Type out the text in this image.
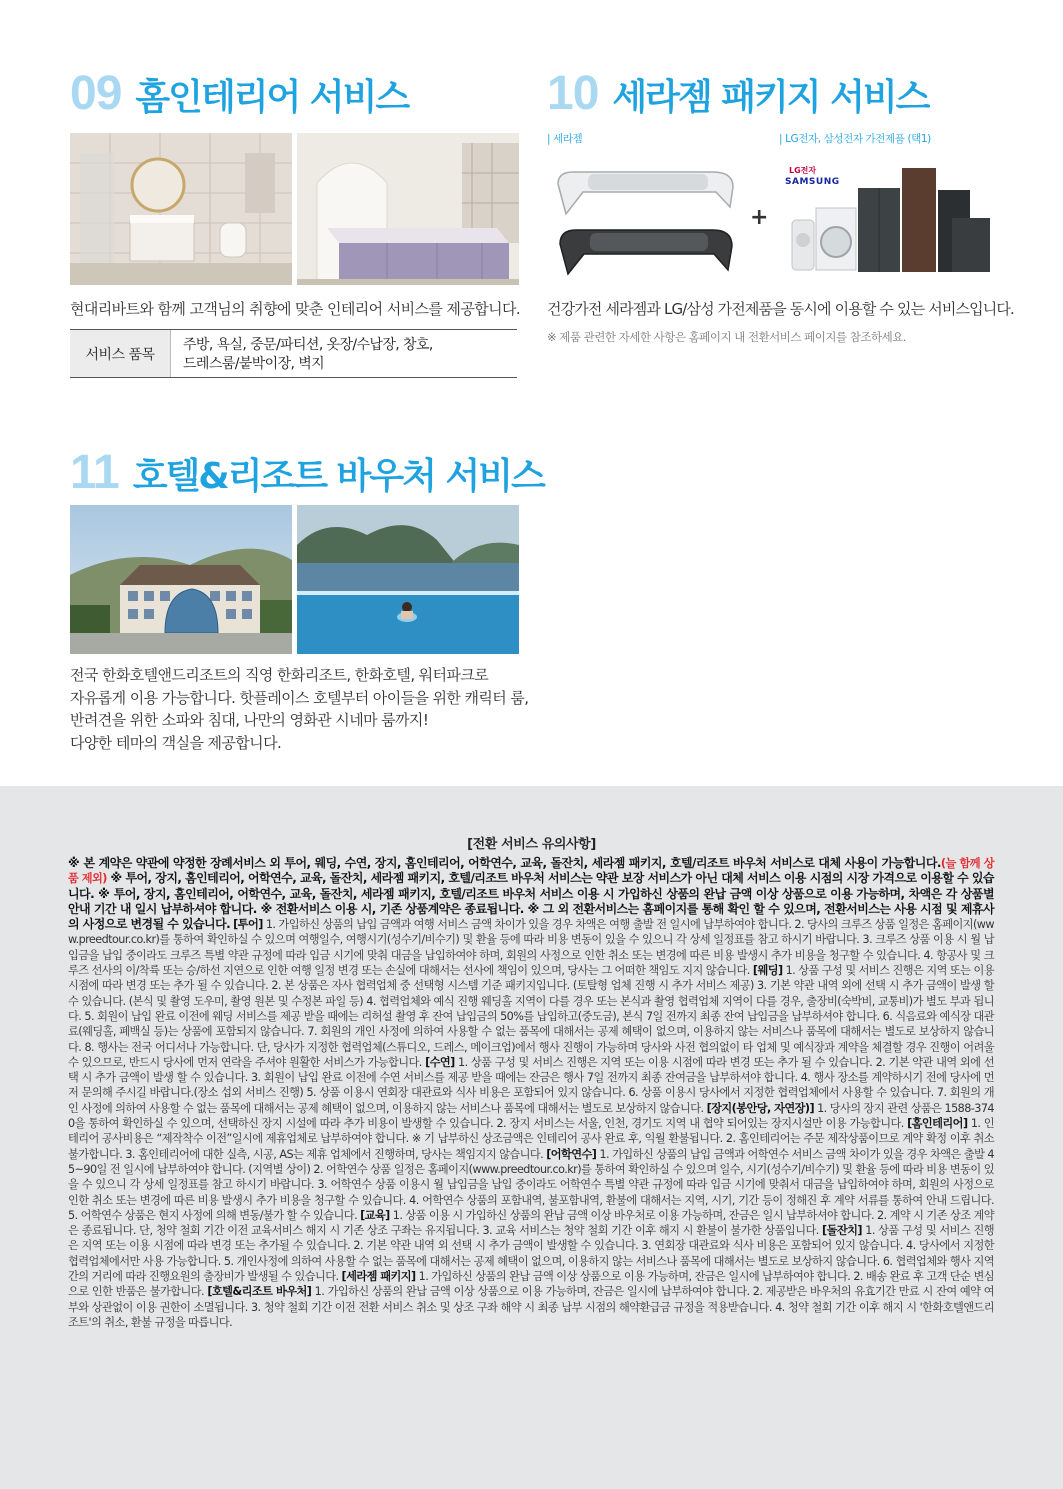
09 홈인테리어 서비스
현대리바트와 함께 고객님의 취향에 맞춘 인테리어 서비스를 제공합니다.
서비스 품목
주방, 욕실, 중문/파티션, 옷장/수납장, 창호,
드레스룸/붙박이장, 벽지
10 세라젬 패키지 서비스
| 세라젬	| LG전자, 삼성전자 가전제품 (택1)
+
LG전자
SAMSUNG
건강가전 세라젬과 LG/삼성 가전제품을 동시에 이용할 수 있는 서비스입니다.
※ 제품 관련한 자세한 사항은 홈페이지 내 전환서비스 페이지를 참조하세요.
11 호텔&리조트 바우처 서비스
전국 한화호텔앤드리조트의 직영 한화리조트, 한화호텔, 워터파크로
자유롭게 이용 가능합니다. 핫플레이스 호텔부터 아이들을 위한 캐릭터 룸,
반려견을 위한 소파와 침대, 나만의 영화관 시네마 룸까지!
다양한 테마의 객실을 제공합니다.
[전환 서비스 유의사항]
※ 본 계약은 약관에 약정한 장례서비스 외 투어, 웨딩, 수연, 장지, 홈인테리어, 어학연수, 교육, 돌잔치, 세라젬 패키지, 호텔/리조트 바우처 서비스로 대체 사용이 가능합니다.(늘 함께 상품 제외) ※ 투어, 장지, 홈인테리어, 어학연수, 교육, 돌잔치, 세라젬 패키지, 호텔/리조트 바우처 서비스는 약관 보장 서비스가 아닌 대체 서비스 이용 시점의 시장 가격으로 이용할 수 있습니다. ※ 투어, 장지, 홈인테리어, 어학연수, 교육, 돌잔치, 세라젬 패키지, 호텔/리조트 바우처 서비스 이용 시 가입하신 상품의 완납 금액 이상 상품으로 이용 가능하며, 차액은 각 상품별 안내 기간 내 일시 납부하셔야 합니다. ※ 전환서비스 이용 시, 기존 상품계약은 종료됩니다. ※ 그 외 전환서비스는 홈페이지를 통해 확인 할 수 있으며, 전환서비스는 사용 시점 및 제휴사의 사정으로 변경될 수 있습니다. [투어] 1. 가입하신 상품의 납입 금액과 여행 서비스 금액 차이가 있을 경우 차액은 여행 출발 전 일시에 납부하여야 합니다. 2. 당사의 크루즈 상품 일정은 홈페이지(www.preedtour.co.kr)를 통하여 확인하실 수 있으며 여행일수, 여행시기(성수기/비수기) 및 환율 등에 따라 비용 변동이 있을 수 있으니 각 상세 일정표를 참고 하시기 바랍니다. 3. 크루즈 상품 이용 시 월 납입금을 납입 중이라도 크루즈 특별 약관 규정에 따라 입금 시기에 맞춰 대금을 납입하여야 하며, 회원의 사정으로 인한 취소 또는 변경에 따른 비용 발생시 추가 비용을 청구할 수 있습니다. 4. 항공사 및 크루즈 선사의 이/착륙 또는 승/하선 지연으로 인한 여행 일정 변경 또는 손실에 대해서는 선사에 책임이 있으며, 당사는 그 어떠한 책임도 지지 않습니다. [웨딩] 1. 상품 구성 및 서비스 진행은 지역 또는 이용 시점에 따라 변경 또는 추가 될 수 있습니다. 2. 본 상품은 자사 협력업체 중 선택형 시스템 기준 패키지입니다. (토탈형 업체 진행 시 추가 서비스 제공) 3. 기본 약관 내역 외에 선택 시 추가 금액이 발생 할 수 있습니다. (본식 및 촬영 도우미, 촬영 원본 및 수정본 파일 등) 4. 협력업체와 예식 진행 웨딩홀 지역이 다를 경우 또는 본식과 촬영 협력업체 지역이 다를 경우, 출장비(숙박비, 교통비)가 별도 부과 됩니다. 5. 회원이 납입 완료 이전에 웨딩 서비스를 제공 받을 때에는 리허설 촬영 후 잔여 납입금의 50%를 납입하고(중도금), 본식 7일 전까지 최종 잔여 납입금을 납부하셔야 합니다. 6. 식음료와 예식장 대관료(웨딩홀, 폐백실 등)는 상품에 포함되지 않습니다. 7. 회원의 개인 사정에 의하여 사용할 수 없는 품목에 대해서는 공제 혜택이 없으며, 이용하지 않는 서비스나 품목에 대해서는 별도로 보상하지 않습니다. 8. 행사는 전국 어디서나 가능합니다. 단, 당사가 지정한 협력업체(스튜디오, 드레스, 메이크업)에서 행사 진행이 가능하며 당사와 사전 협의없이 타 업체 및 예식장과 계약을 체결할 경우 진행이 어려울 수 있으므로, 반드시 당사에 먼저 연락을 주셔야 원활한 서비스가 가능합니다. [수연] 1. 상품 구성 및 서비스 진행은 지역 또는 이용 시점에 따라 변경 또는 추가 될 수 있습니다. 2. 기본 약관 내역 외에 선택 시 추가 금액이 발생 할 수 있습니다. 3. 회원이 납입 완료 이전에 수연 서비스를 제공 받을 때에는 잔금은 행사 7일 전까지 최종 잔여금을 납부하셔야 합니다. 4. 행사 장소를 계약하시기 전에 당사에 먼저 문의해 주시길 바랍니다.(장소 섭외 서비스 진행) 5. 상품 이용시 연회장 대관료와 식사 비용은 포함되어 있지 않습니다. 6. 상품 이용시 당사에서 지정한 협력업체에서 사용할 수 있습니다. 7. 회원의 개인 사정에 의하여 사용할 수 없는 품목에 대해서는 공제 혜택이 없으며, 이용하지 않는 서비스나 품목에 대해서는 별도로 보상하지 않습니다. [장지(봉안당, 자연장)] 1. 당사의 장지 관련 상품은 1588-3740을 통하여 확인하실 수 있으며, 선택하신 장지 시설에 따라 추가 비용이 발생할 수 있습니다. 2. 장지 서비스는 서울, 인천, 경기도 지역 내 협약 되어있는 장지시설만 이용 가능합니다. [홈인테리어] 1. 인테리어 공사비용은 “제작착수 이전”일시에 제휴업체로 납부하여야 합니다. ※ 기 납부하신 상조금액은 인테리어 공사 완료 후, 익월 환불됩니다. 2. 홈인테리어는 주문 제작상품이므로 계약 확정 이후 취소 불가합니다. 3. 홈인테리어에 대한 실측, 시공, AS는 제휴 업체에서 진행하며, 당사는 책임지지 않습니다. [어학연수] 1. 가입하신 상품의 납입 금액과 어학연수 서비스 금액 차이가 있을 경우 차액은 출발 45~90일 전 일시에 납부하여야 합니다. (지역별 상이) 2. 어학연수 상품 일정은 홈페이지(www.preedtour.co.kr)를 통하여 확인하실 수 있으며 일수, 시기(성수기/비수기) 및 환율 등에 따라 비용 변동이 있을 수 있으니 각 상세 일정표를 참고 하시기 바랍니다. 3. 어학연수 상품 이용시 월 납입금을 납입 중이라도 어학연수 특별 약관 규정에 따라 입금 시기에 맞춰서 대금을 납입하여야 하며, 회원의 사정으로 인한 취소 또는 변경에 따른 비용 발생시 추가 비용을 청구할 수 있습니다. 4. 어학연수 상품의 포함내역, 불포함내역, 환불에 대해서는 지역, 시기, 기간 등이 정해진 후 계약 서류를 통하여 안내 드립니다. 5. 어학연수 상품은 현지 사정에 의해 변동/불가 할 수 있습니다. [교육] 1. 상품 이용 시 가입하신 상품의 완납 금액 이상 바우처로 이용 가능하며, 잔금은 일시 납부하셔야 합니다. 2. 계약 시 기존 상조 계약은 종료됩니다. 단, 청약 철회 기간 이전 교육서비스 해지 시 기존 상조 구좌는 유지됩니다. 3. 교육 서비스는 청약 철회 기간 이후 해지 시 환불이 불가한 상품입니다. [돌잔치] 1. 상품 구성 및 서비스 진행은 지역 또는 이용 시점에 따라 변경 또는 추가될 수 있습니다. 2. 기본 약관 내역 외 선택 시 추가 금액이 발생할 수 있습니다. 3. 연회장 대관료와 식사 비용은 포함되어 있지 않습니다. 4. 당사에서 지정한 협력업체에서만 사용 가능합니다. 5. 개인사정에 의하여 사용할 수 없는 품목에 대해서는 공제 혜택이 없으며, 이용하지 않는 서비스나 품목에 대해서는 별도로 보상하지 않습니다. 6. 협력업체와 행사 지역간의 거리에 따라 진행요원의 출장비가 발생될 수 있습니다. [세라젬 패키지] 1. 가입하신 상품의 완납 금액 이상 상품으로 이용 가능하며, 잔금은 일시에 납부하여야 합니다. 2. 배송 완료 후 고객 단순 변심으로 인한 반품은 불가합니다. [호텔&리조트 바우처] 1. 가입하신 상품의 완납 금액 이상 상품으로 이용 가능하며, 잔금은 일시에 납부하여야 합니다. 2. 제공받은 바우처의 유효기간 만료 시 잔여 예약 여부와 상관없이 이용 권한이 소멸됩니다. 3. 청약 철회 기간 이전 전환 서비스 취소 및 상조 구좌 해약 시 최종 납부 시점의 해약환급금 규정을 적용받습니다. 4. 청약 철회 기간 이후 해지 시 '한화호텔앤드리조트'의 취소, 환불 규정을 따릅니다.
